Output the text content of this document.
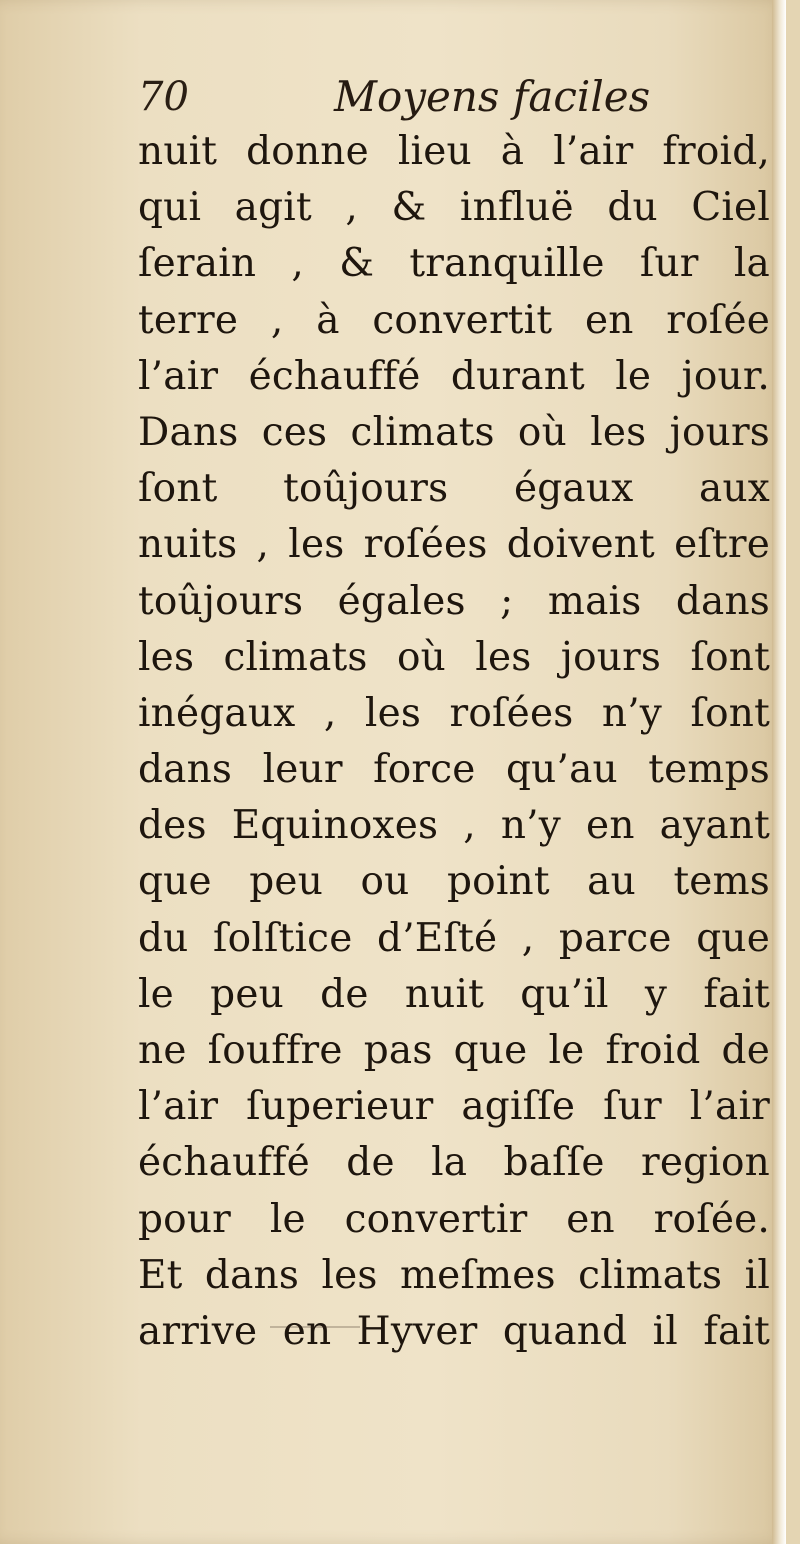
70	Moyens faciles
nuit donne lieu à l’air froid,
qui agit , & influë du Ciel
ſerain , & tranquille ſur la
terre , à convertit en roſée
l’air échauffé durant le jour.
Dans ces climats où les jours
ſont toûjours égaux aux
nuits , les roſées doivent eſtre
toûjours égales ; mais dans
les climats où les jours ſont
inégaux , les roſées n’y ſont
dans leur force qu’au temps
des Equinoxes , n’y en ayant
que peu ou point au tems
du ſolſtice d’Eſté , parce que
le peu de nuit qu’il y fait
ne ſouffre pas que le froid de
l’air ſuperieur agiſſe ſur l’air
échauffé de la baſſe region
pour le convertir en roſée.
Et dans les meſmes climats il
arrive en Hyver quand il fait
